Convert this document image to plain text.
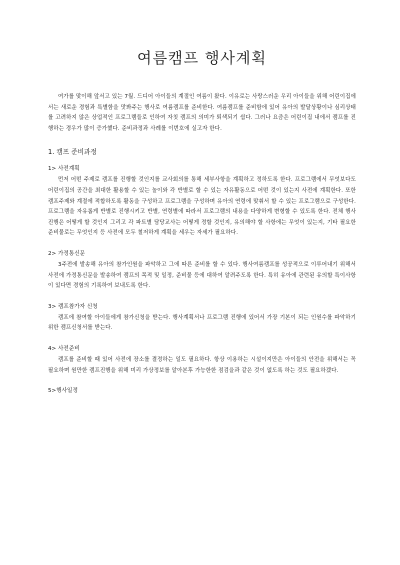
여름캠프 행사계획

여가를 맞이해 앞서고 있는 7월. 드디어 아이들의 계절인 여름이 왔다. 이유로는 사랑스러운 우리 아이들을 위해 어린이집에서는 새로운 경험과 특별함을 맛봐주는 행사로 여름캠프를 준비한다. 여름캠프를 준비함에 있어 유아의 발달상황이나 심리상태를 고려하지 않은 상업적인 프로그램들로 인하여 자칫 캠프의 의미가 퇴색되기 쉽다. 그러나 요즘은 어린이집 내에서 캠프를 진행하는 경우가 많이 증가했다. 준비과정과 사례를 이번호에 실고자 한다.

1. 캠프 준비과정
1> 사전계획

먼저 어떤 주제로 캠프를 진행할 것인지를 교사회의를 통해 세부사항을 계획하고 정하도록 한다. 프로그램에서 무엇보다도 어린이집의 공간을 최대한 활용할 수 있는 놀이와 각 반별로 할 수 있는 자유활동으로 어떤 것이 있는지 사전에 계획한다. 또한 캠프주제와 계절에 적합하도록 활동을 구성하고 프로그램을 구성하며 유아의 연령에 맞춰서 할 수 있는 프로그램으로 구성한다. 프로그램을 자유롭게 반별로 진행시키고 반별, 연령별에 따라서 프로그램의 내용을 다양하게 변형할 수 있도록 한다. 전체 행사진행은 어떻게 할 것인지 그리고 각 파트별 담당교사는 어떻게 정할 것인지, 유의해야 할 사항에는 무엇이 있는지, 기타 필요한 준비물로는 무엇인지 등 사전에 모두 철저하게 계획을 세우는 자세가 필요하다.

2> 가정통신문

3주전에 발송해 유아의 참가인원을 파악하고 그에 따른 준비를 할 수 있다. 행사여름캠프를 성공적으로 이루어내기 위해서 사전에 가정통신문을 발송하여 캠프의 목적 및 일정, 준비물 등에 대하여 알려주도록 한다. 특히 유아에 관련된 유의할 특이사항이 있다면 경험의 기록하여 보내도록 한다.

3> 캠프참가자 신청

캠프에 참여할 아이들에게 참가신청을 받는다. 행사계획서나 프로그램 진행에 있어서 가장 기본이 되는 인원수를 파악하기 위한 캠프신청서를 받는다.

4> 사전준비

캠프를 준비할 때 있어 사전에 장소를 결정하는 일도 필요하다. 항상 이용하는 시설이지만은 아이들의 안전을 위해서는 꼭 필요하며 원만한 캠프진행을 위해 미리 가상정보를 알아본후 가능한한 점검을과 같은 것이 없도록 하는 것도 필요하겠다.

5>행사일정
